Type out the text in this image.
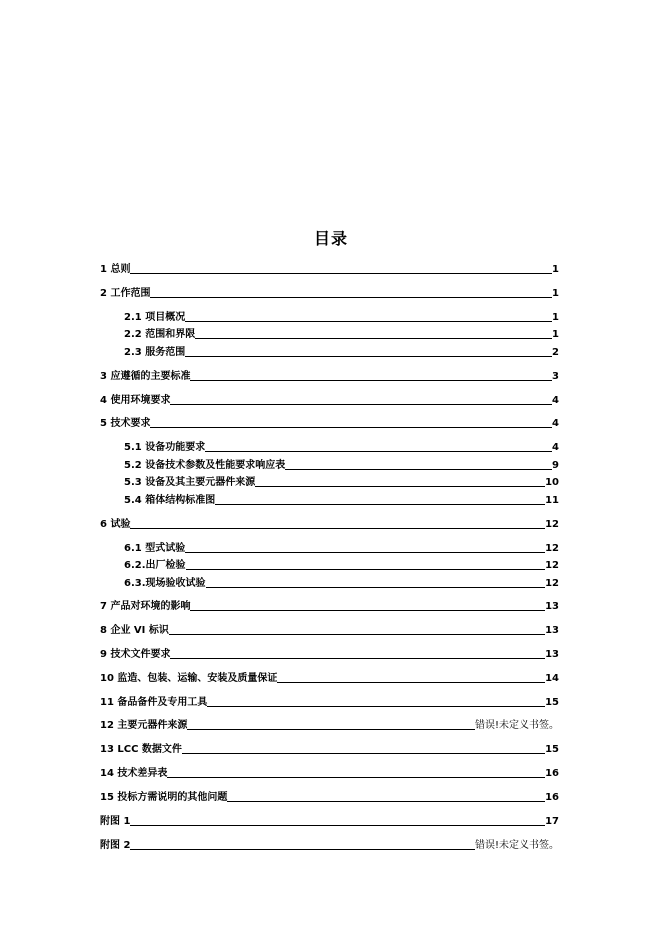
目录
1 总则	1
2 工作范围	1
2.1 项目概况	1
2.2 范围和界限	1
2.3 服务范围	2
3 应遵循的主要标准	3
4 使用环境要求	4
5 技术要求	4
5.1 设备功能要求	4
5.2 设备技术参数及性能要求响应表	9
5.3 设备及其主要元器件来源	10
5.4 箱体结构标准图	11
6 试验	12
6.1 型式试验	12
6.2.出厂检验	12
6.3.现场验收试验	12
7 产品对环境的影响	13
8 企业 VI 标识	13
9 技术文件要求	13
10 监造、包装、运输、安装及质量保证	14
11 备品备件及专用工具	15
12 主要元器件来源	错误!未定义书签。
13 LCC 数据文件	15
14 技术差异表	16
15 投标方需说明的其他问题	16
附图 1	17
附图 2	错误!未定义书签。
